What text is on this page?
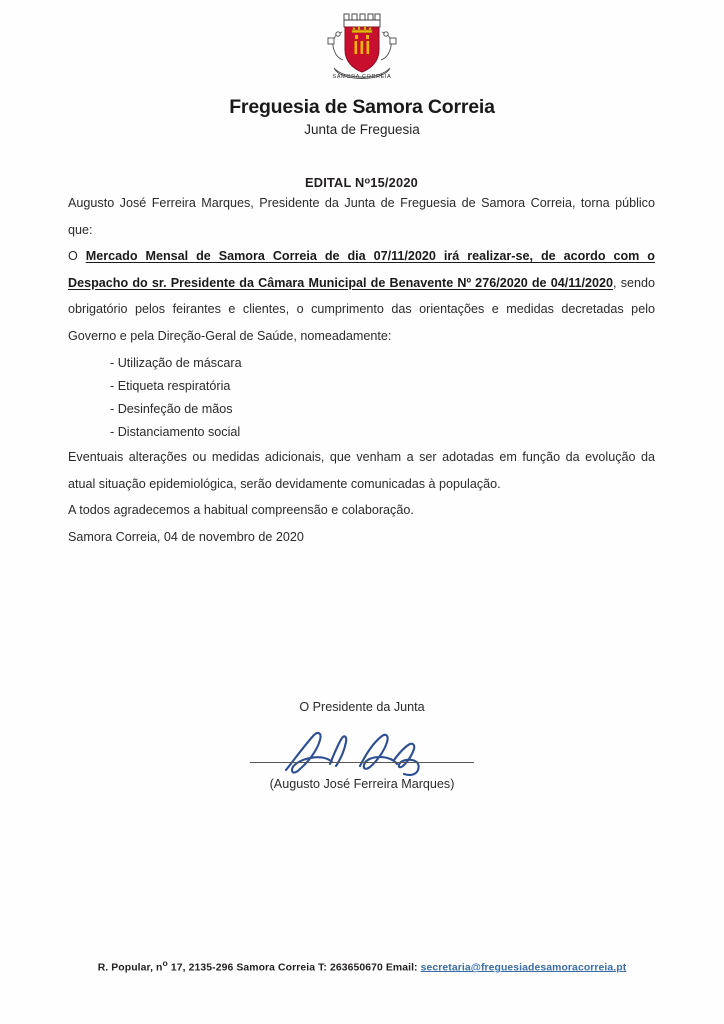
SAMORA CORREIA
Freguesia de Samora Correia
Junta de Freguesia
EDITAL $N^o15/2020$

Augusto José Ferreira Marques, Presidente da Junta de Freguesia de Samora Correia, torna público que:

O Mercado Mensal de Samora Correia de dia 07/11/2020 irá realizar-se, de acordo com o Despacho do sr. Presidente da Câmara Municipal de Benavente Nº 276/2020 de 04/11/2020, sendo obrigatório pelos feirantes e clientes, o cumprimento das orientações e medidas decretadas pelo Governo e pela Direção-Geral de Saúde, nomeadamente:

- Utilização de máscara
- Etiqueta respiratória
- Desinfeção de mãos
- Distanciamento social

Eventuais alterações ou medidas adicionais, que venham a ser adotadas em função da evolução da atual situação epidemiológica, serão devidamente comunicadas à população.

A todos agradecemos a habitual compreensão e colaboração.

Samora Correia, 04 de novembro de 2020

O Presidente da Junta
(Augusto José Ferreira Marques)
R. Popular, $n^o$ 17, 2135-296 Samora Correia T: 263650670 Email: secretaria@freguesiadesamoracorreia.pt
